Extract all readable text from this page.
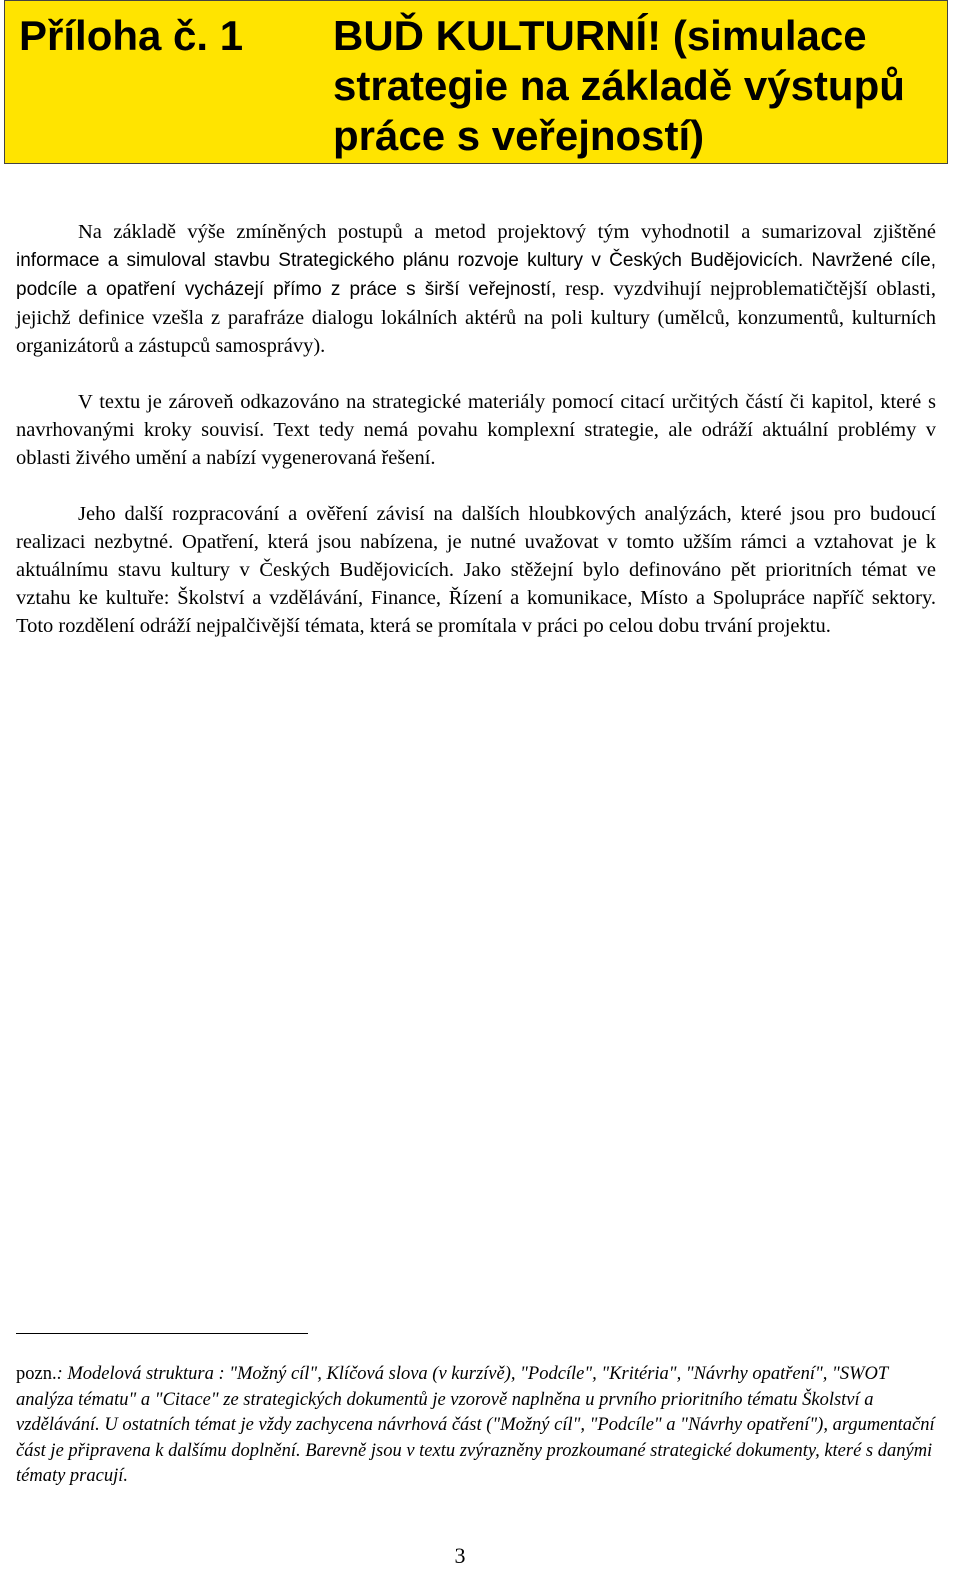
Příloha č. 1 BUĎ KULTURNÍ! (simulace strategie na základě výstupů práce s veřejností)

Na základě výše zmíněných postupů a metod projektový tým vyhodnotil a sumarizoval zjištěné informace a simuloval stavbu Strategického plánu rozvoje kultury v Českých Budějovicích. Navržené cíle, podcíle a opatření vycházejí přímo z práce s širší veřejností, resp. vyzdvihují nejproblematičtější oblasti, jejichž definice vzešla z parafráze dialogu lokálních aktérů na poli kultury (umělců, konzumentů, kulturních organizátorů a zástupců samosprávy).

V textu je zároveň odkazováno na strategické materiály pomocí citací určitých částí či kapitol, které s navrhovanými kroky souvisí. Text tedy nemá povahu komplexní strategie, ale odráží aktuální problémy v oblasti živého umění a nabízí vygenerovaná řešení.

Jeho další rozpracování a ověření závisí na dalších hloubkových analýzách, které jsou pro budoucí realizaci nezbytné. Opatření, která jsou nabízena, je nutné uvažovat v tomto užším rámci a vztahovat je k aktuálnímu stavu kultury v Českých Budějovicích. Jako stěžejní bylo definováno pět prioritních témat ve vztahu ke kultuře: Školství a vzdělávání, Finance, Řízení a komunikace, Místo a Spolupráce napříč sektory. Toto rozdělení odráží nejpalčivější témata, která se promítala v práci po celou dobu trvání projektu.

pozn.: Modelová struktura : "Možný cíl", Klíčová slova (v kurzívě), "Podcíle", "Kritéria", "Návrhy opatření", "SWOT analýza tématu" a "Citace" ze strategických dokumentů je vzorově naplněna u prvního prioritního tématu Školství a vzdělávání. U ostatních témat je vždy zachycena návrhová část ("Možný cíl", "Podcíle" a "Návrhy opatření"), argumentační část je připravena k dalšímu doplnění. Barevně jsou v textu zvýrazněny prozkoumané strategické dokumenty, které s danými tématy pracují.
3
